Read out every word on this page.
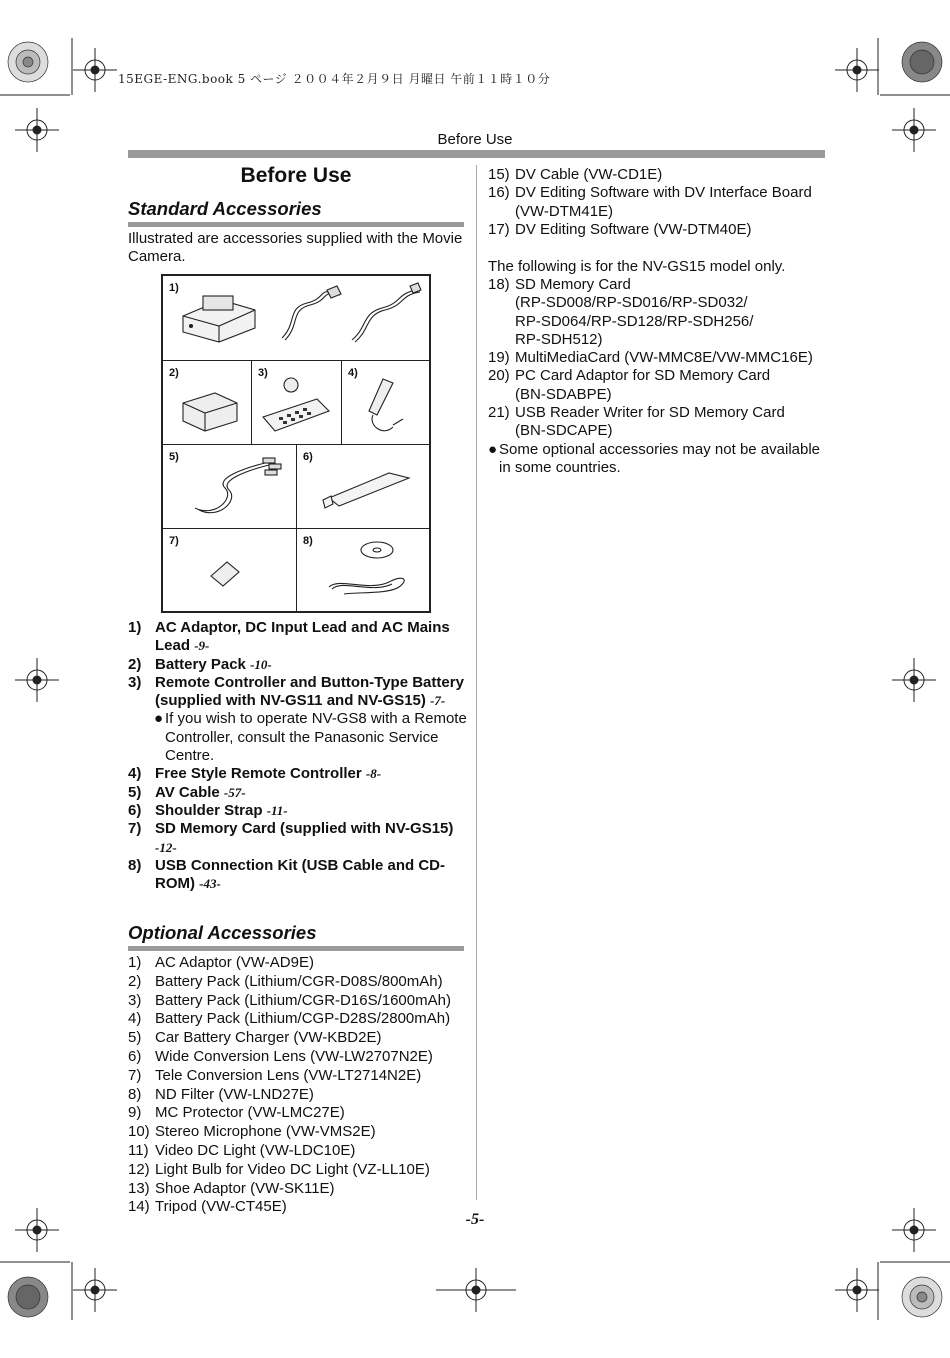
15EGE-ENG.book 5 ページ ２００４年２月９日 月曜日 午前１１時１０分
Before Use
Before Use
Standard Accessories
Illustrated are accessories supplied with the Movie Camera.
1)
2)	3)	4)
5)	6)
7)	8)
1) AC Adaptor, DC Input Lead and AC Mains Lead -9-
2) Battery Pack -10-
3) Remote Controller and Button-Type Battery
(supplied with NV-GS11 and NV-GS15) -7-
● If you wish to operate NV-GS8 with a Remote Controller, consult the Panasonic Service Centre.
4) Free Style Remote Controller -8-
5) AV Cable -57-
6) Shoulder Strap -11-
7) SD Memory Card (supplied with NV-GS15)
-12-
8) USB Connection Kit (USB Cable and CD-ROM) -43-
Optional Accessories
1) AC Adaptor (VW-AD9E)
2) Battery Pack (Lithium/CGR-D08S/800mAh)
3) Battery Pack (Lithium/CGR-D16S/1600mAh)
4) Battery Pack (Lithium/CGP-D28S/2800mAh)
5) Car Battery Charger (VW-KBD2E)
6) Wide Conversion Lens (VW-LW2707N2E)
7) Tele Conversion Lens (VW-LT2714N2E)
8) ND Filter (VW-LND27E)
9) MC Protector (VW-LMC27E)
10) Stereo Microphone (VW-VMS2E)
11) Video DC Light (VW-LDC10E)
12) Light Bulb for Video DC Light (VZ-LL10E)
13) Shoe Adaptor (VW-SK11E)
14) Tripod (VW-CT45E)
15) DV Cable (VW-CD1E)
16) DV Editing Software with DV Interface Board (VW-DTM41E)
17) DV Editing Software (VW-DTM40E)
The following is for the NV-GS15 model only.
18) SD Memory Card
(RP-SD008/RP-SD016/RP-SD032/
RP-SD064/RP-SD128/RP-SDH256/
RP-SDH512)
19) MultiMediaCard (VW-MMC8E/VW-MMC16E)
20) PC Card Adaptor for SD Memory Card
(BN-SDABPE)
21) USB Reader Writer for SD Memory Card
(BN-SDCAPE)
● Some optional accessories may not be available in some countries.
-5-
